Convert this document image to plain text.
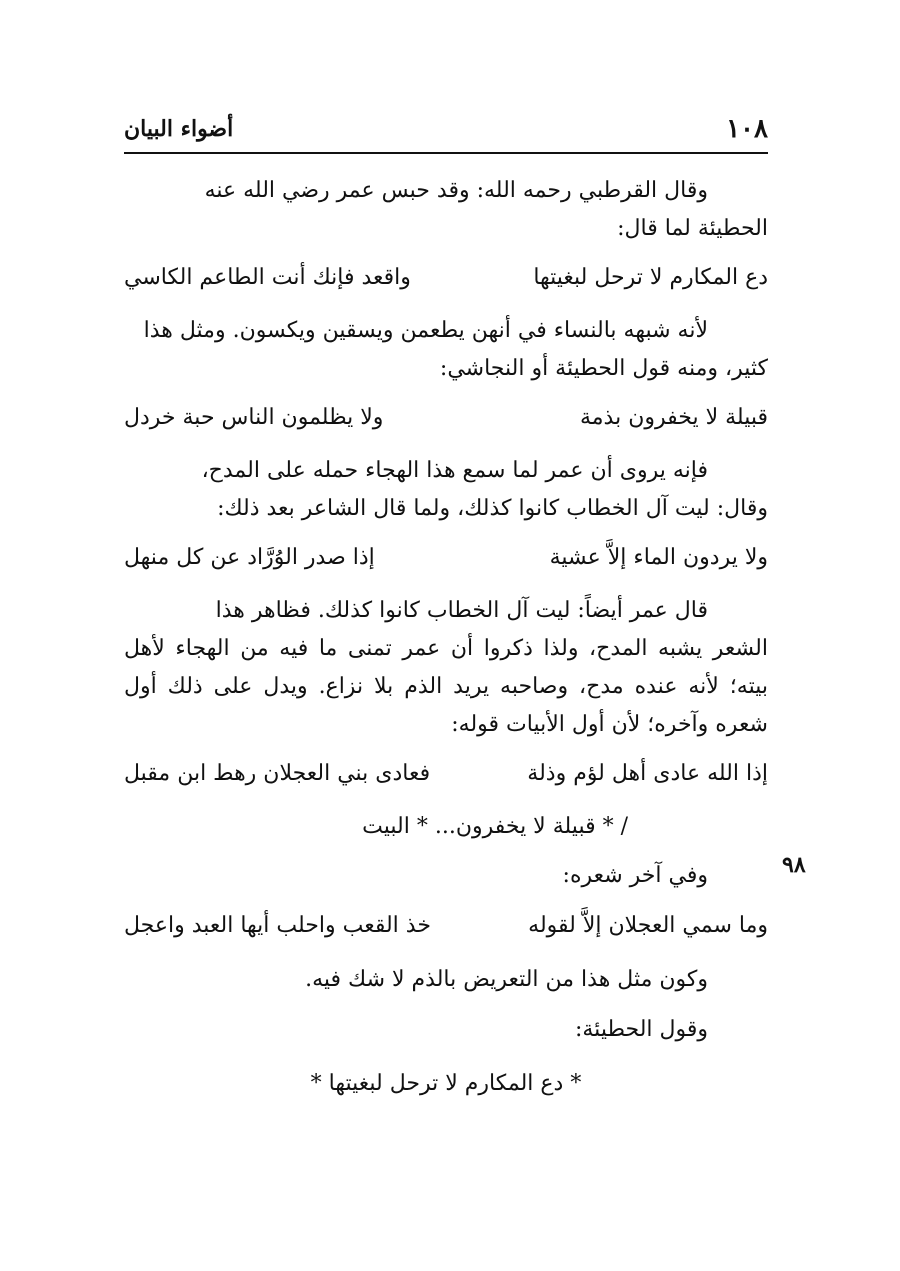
١٠٨
أضواء البيان
٩٨
وقال القرطبي رحمه الله: وقد حبس عمر رضي الله عنه
الحطيئة لما قال:
دع المكارم لا ترحل لبغيتها
واقعد فإنك أنت الطاعم الكاسي
لأنه شبهه بالنساء في أنهن يطعمن ويسقين ويكسون. ومثل هذا
كثير، ومنه قول الحطيئة أو النجاشي:
قبيلة لا يخفرون بذمة
ولا يظلمون الناس حبة خردل
فإنه يروى أن عمر لما سمع هذا الهجاء حمله على المدح،
وقال: ليت آل الخطاب كانوا كذلك، ولما قال الشاعر بعد ذلك:
ولا يردون الماء إلاَّ عشية
إذا صدر الوُرَّاد عن كل منهل
قال عمر أيضاً: ليت آل الخطاب كانوا كذلك. فظاهر هذا
الشعر يشبه المدح، ولذا ذكروا أن عمر تمنى ما فيه من الهجاء لأهل بيته؛ لأنه عنده مدح، وصاحبه يريد الذم بلا نزاع. ويدل على ذلك أول شعره وآخره؛ لأن أول الأبيات قوله:
إذا الله عادى أهل لؤم وذلة
فعادى بني العجلان رهط ابن مقبل
/ * قبيلة لا يخفرون... * البيت
وفي آخر شعره:
وما سمي العجلان إلاَّ لقوله
خذ القعب واحلب أيها العبد واعجل
وكون مثل هذا من التعريض بالذم لا شك فيه.
وقول الحطيئة:
* دع المكارم لا ترحل لبغيتها *
